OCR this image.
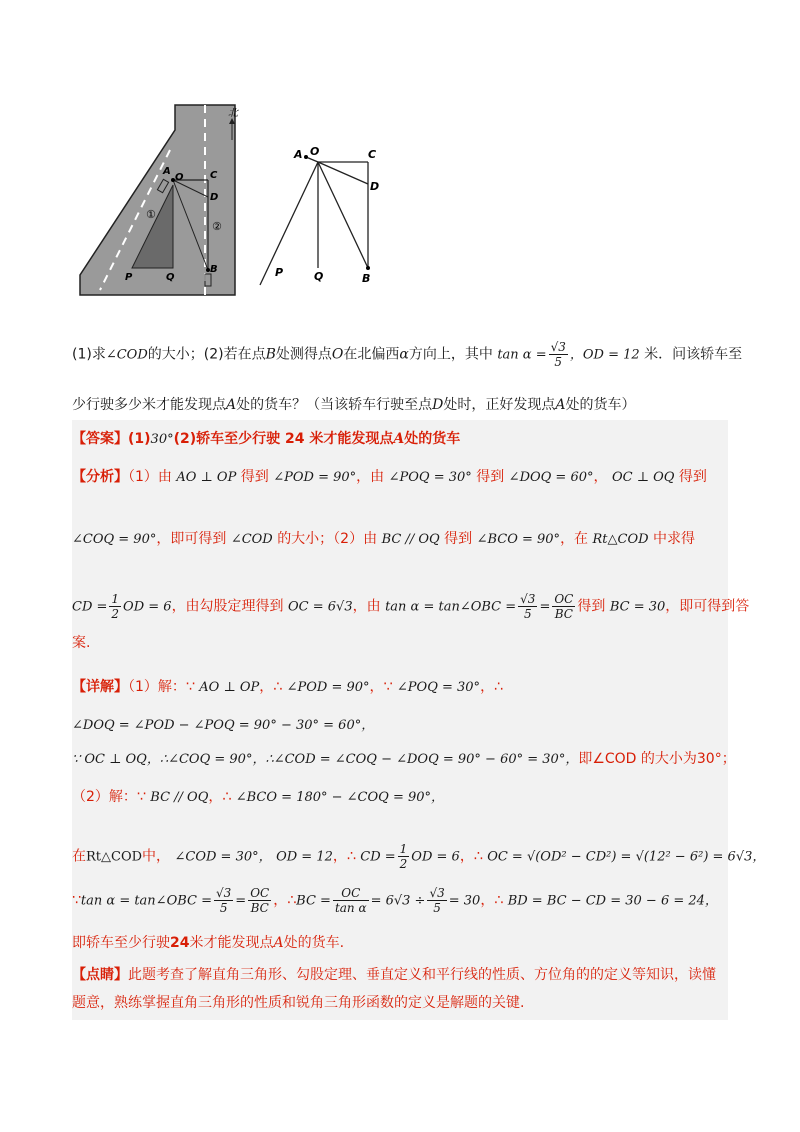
北
A
O	C
D
B
P	Q
①
②
A O	C
D
B
P	Q
(1)求∠COD的大小；(2)若在点B处测得点O在北偏西α方向上，其中 $\tan \alpha = \frac{√3}{5}$ ，OD = 12 米．问该轿车至
少行驶多少米才能发现点A处的货车？（当该轿车行驶至点D处时，正好发现点A处的货车）
【答案】(1)30°(2)轿车至少行驶 24 米才能发现点A处的货车
【分析】（1）由 AO ⊥ OP 得到 ∠POD = 90°，由 ∠POQ = 30° 得到 ∠DOQ = 60°， OC ⊥ OQ 得到
∠COQ = 90°，即可得到 ∠COD 的大小；（2）由 BC // OQ 得到 ∠BCO = 90°，在 Rt△COD 中求得
CD = $\frac{1}{2}$ OD = 6，由勾股定理得到 OC = 6√3，由 tan α = tan∠OBC = $\frac{√3}{5} = \frac{OC}{BC}$ 得到 BC = 30，即可得到答
案.
【详解】（1）解：∵ AO ⊥ OP，∴ ∠POD = 90°，∵ ∠POQ = 30°，∴
∠DOQ = ∠POD − ∠POQ = 90° − 30° = 60°，
∵ OC ⊥ OQ，∴∠COQ = 90°，∴∠COD = ∠COQ − ∠DOQ = 90° − 60° = 30°，即∠COD 的大小为30°；
（2）解：∵ BC // OQ，∴ ∠BCO = 180° − ∠COQ = 90°，
在Rt△COD中， ∠COD = 30°， OD = 12，∴ CD = $\frac{1}{2}$ OD = 6，∴ OC = √(OD² − CD²) = √(12² − 6²) = 6√3，
∵tan α = tan∠OBC = $\frac{√3}{5} = \frac{OC}{BC}$ ，∴BC = $\frac{OC}{\text{tan α}} = 6√3 \div \frac{√3}{5} = 30$，∴ BD = BC − CD = 30 − 6 = 24，
即轿车至少行驶24米才能发现点A处的货车.
【点睛】此题考查了解直角三角形、勾股定理、垂直定义和平行线的性质、方位角的的定义等知识，读懂
题意，熟练掌握直角三角形的性质和锐角三角形函数的定义是解题的关键.
